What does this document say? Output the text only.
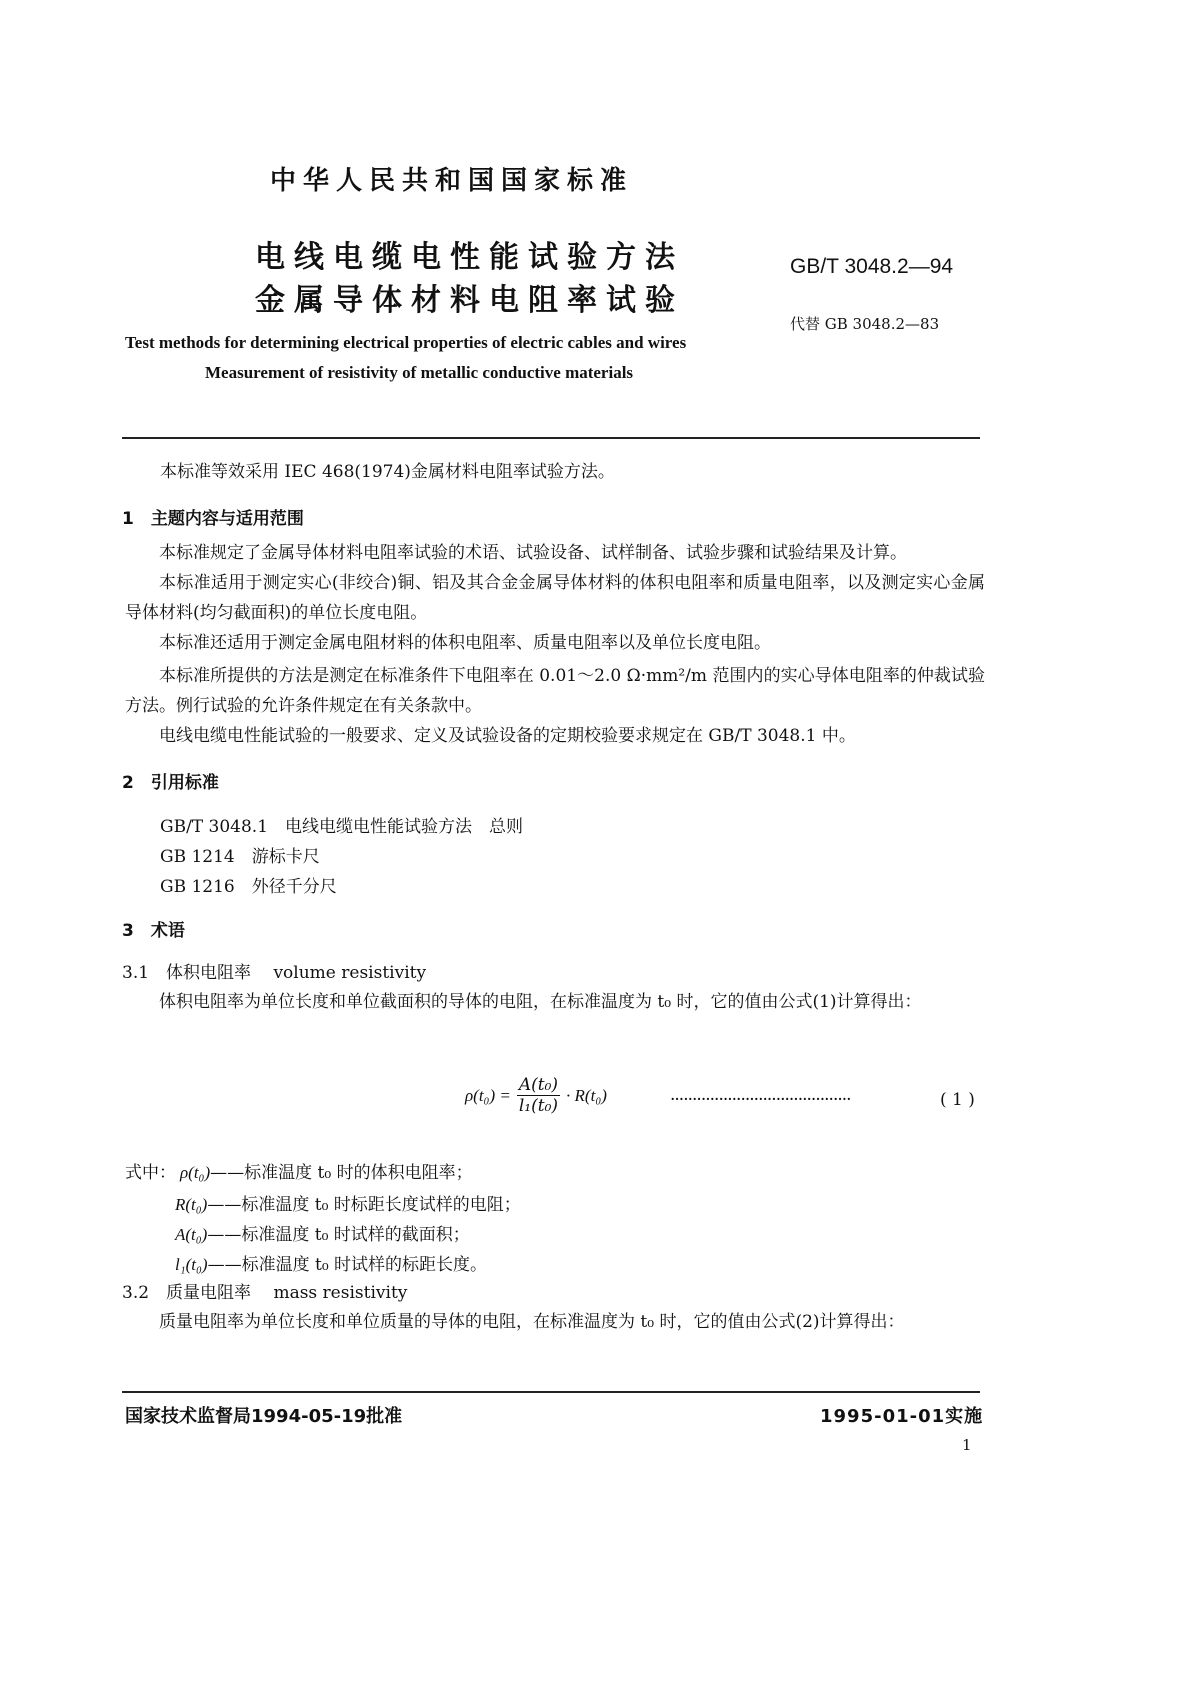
中华人民共和国国家标准
电线电缆电性能试验方法
金属导体材料电阻率试验
GB/T 3048.2—94
代替 GB 3048.2—83
Test methods for determining electrical properties of electric cables and wires
Measurement of resistivity of metallic conductive materials
本标准等效采用 IEC 468(1974)金属材料电阻率试验方法。
1　 主题内容与适用范围
本标准规定了金属导体材料电阻率试验的术语、试验设备、试样制备、试验步骤和试验结果及计算。
本标准适用于测定实心(非绞合)铜、铝及其合金金属导体材料的体积电阻率和质量电阻率，以及测定实心金属导体材料(均匀截面积)的单位长度电阻。
本标准还适用于测定金属电阻材料的体积电阻率、质量电阻率以及单位长度电阻。
本标准所提供的方法是测定在标准条件下电阻率在 0.01～2.0 Ω·mm²/m 范围内的实心导体电阻率的仲裁试验方法。例行试验的允许条件规定在有关条款中。
电线电缆电性能试验的一般要求、定义及试验设备的定期校验要求规定在 GB/T 3048.1 中。
2　 引用标准
GB/T 3048.1　 电线电缆电性能试验方法　总则
GB 1214　 游标卡尺
GB 1216　 外径千分尺
3　 术语
3.1　 体积电阻率　 volume resistivity
体积电阻率为单位长度和单位截面积的导体的电阻，在标准温度为 t₀ 时，它的值由公式(1)计算得出：
$\rho(t_0) = \frac{\text{A(t₀)}}{\text{l₁(t₀)}} \cdot R(t_0)$	·········································	( 1 )
式中： ρ(t₀)——标准温度 t₀ 时的体积电阻率；
R(t₀)——标准温度 t₀ 时标距长度试样的电阻；
A(t₀)——标准温度 t₀ 时试样的截面积；
l₁(t₀)——标准温度 t₀ 时试样的标距长度。
3.2　 质量电阻率　 mass resistivity
质量电阻率为单位长度和单位质量的导体的电阻，在标准温度为 t₀ 时，它的值由公式(2)计算得出：
国家技术监督局1994-05-19批准	1995-01-01实施
1
